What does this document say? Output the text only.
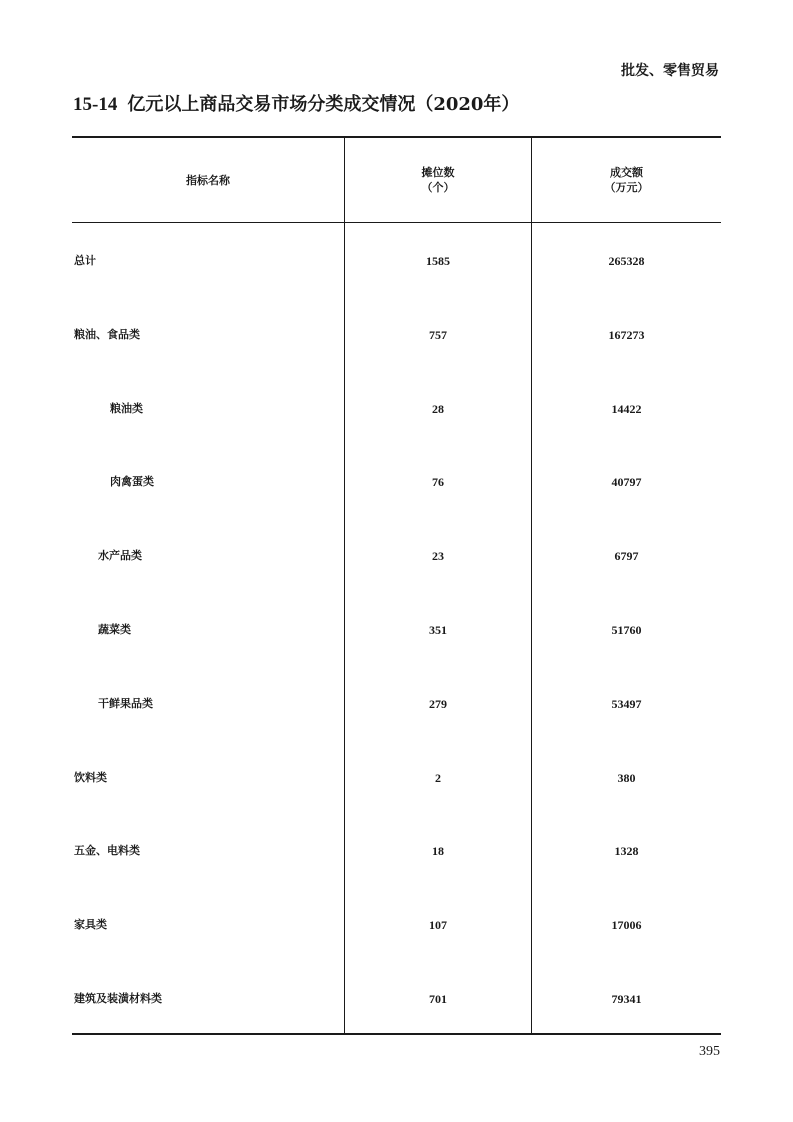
批发、零售贸易
15-14 亿元以上商品交易市场分类成交情况（2020年）
指标名称
摊位数
（个）
成交额
（万元）
总计
粮油、食品类
粮油类
肉禽蛋类
水产品类
蔬菜类
干鲜果品类
饮料类
五金、电料类
家具类
建筑及装潢材料类
1585
757
28
76
23
351
279
2
18
107
701
265328
167273
14422
40797
6797
51760
53497
380
1328
17006
79341
395
